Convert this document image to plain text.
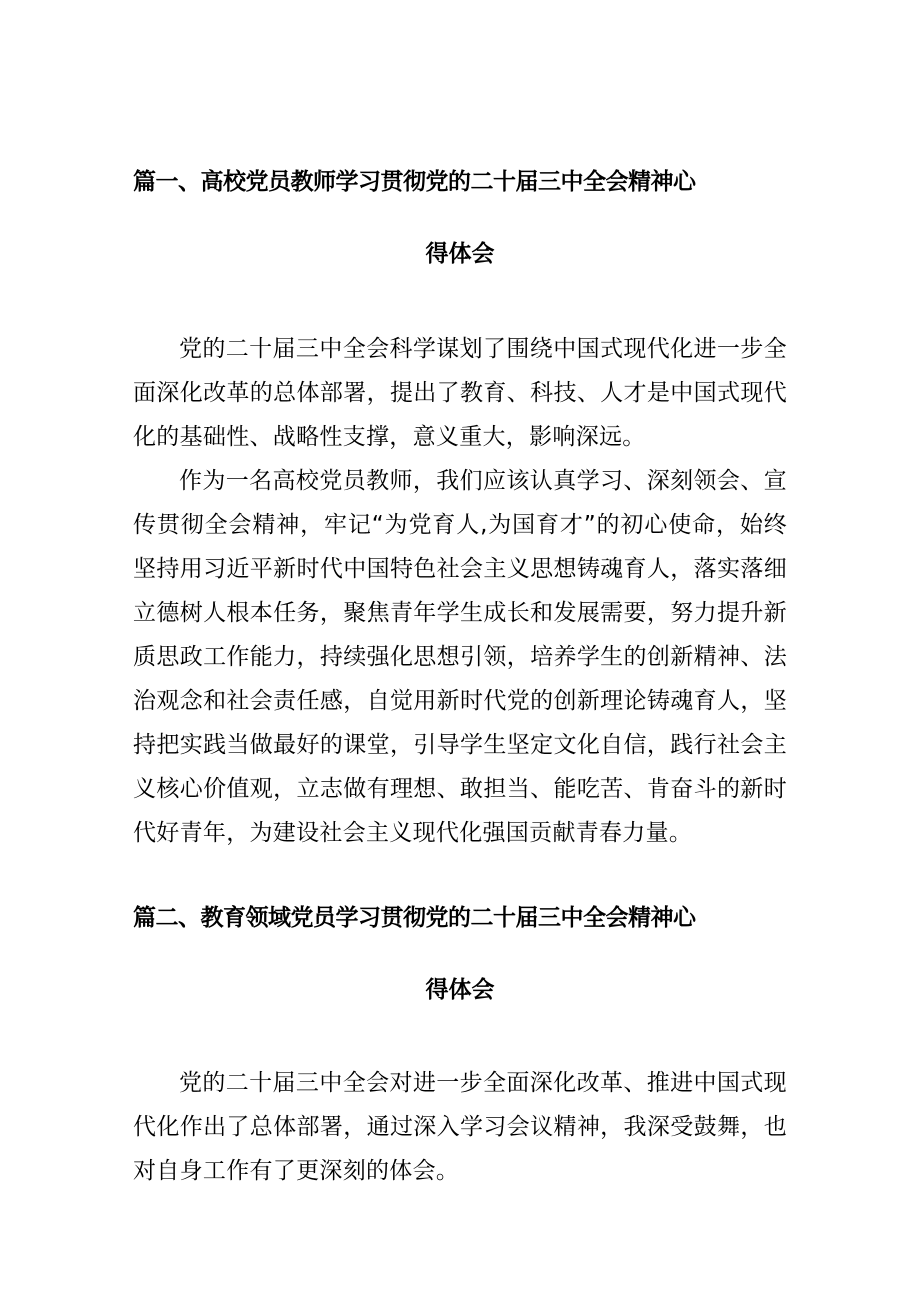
篇一、高校党员教师学习贯彻党的二十届三中全会精神心
得体会

党的二十届三中全会科学谋划了围绕中国式现代化进一步全面深化改革的总体部署，提出了教育、科技、人才是中国式现代化的基础性、战略性支撑，意义重大，影响深远。

作为一名高校党员教师，我们应该认真学习、深刻领会、宣传贯彻全会精神，牢记“为党育人,为国育才”的初心使命，始终坚持用习近平新时代中国特色社会主义思想铸魂育人，落实落细立德树人根本任务，聚焦青年学生成长和发展需要，努力提升新质思政工作能力，持续强化思想引领，培养学生的创新精神、法治观念和社会责任感，自觉用新时代党的创新理论铸魂育人，坚持把实践当做最好的课堂，引导学生坚定文化自信，践行社会主义核心价值观，立志做有理想、敢担当、能吃苦、肯奋斗的新时代好青年，为建设社会主义现代化强国贡献青春力量。

篇二、教育领域党员学习贯彻党的二十届三中全会精神心
得体会

党的二十届三中全会对进一步全面深化改革、推进中国式现代化作出了总体部署，通过深入学习会议精神，我深受鼓舞，也对自身工作有了更深刻的体会。
